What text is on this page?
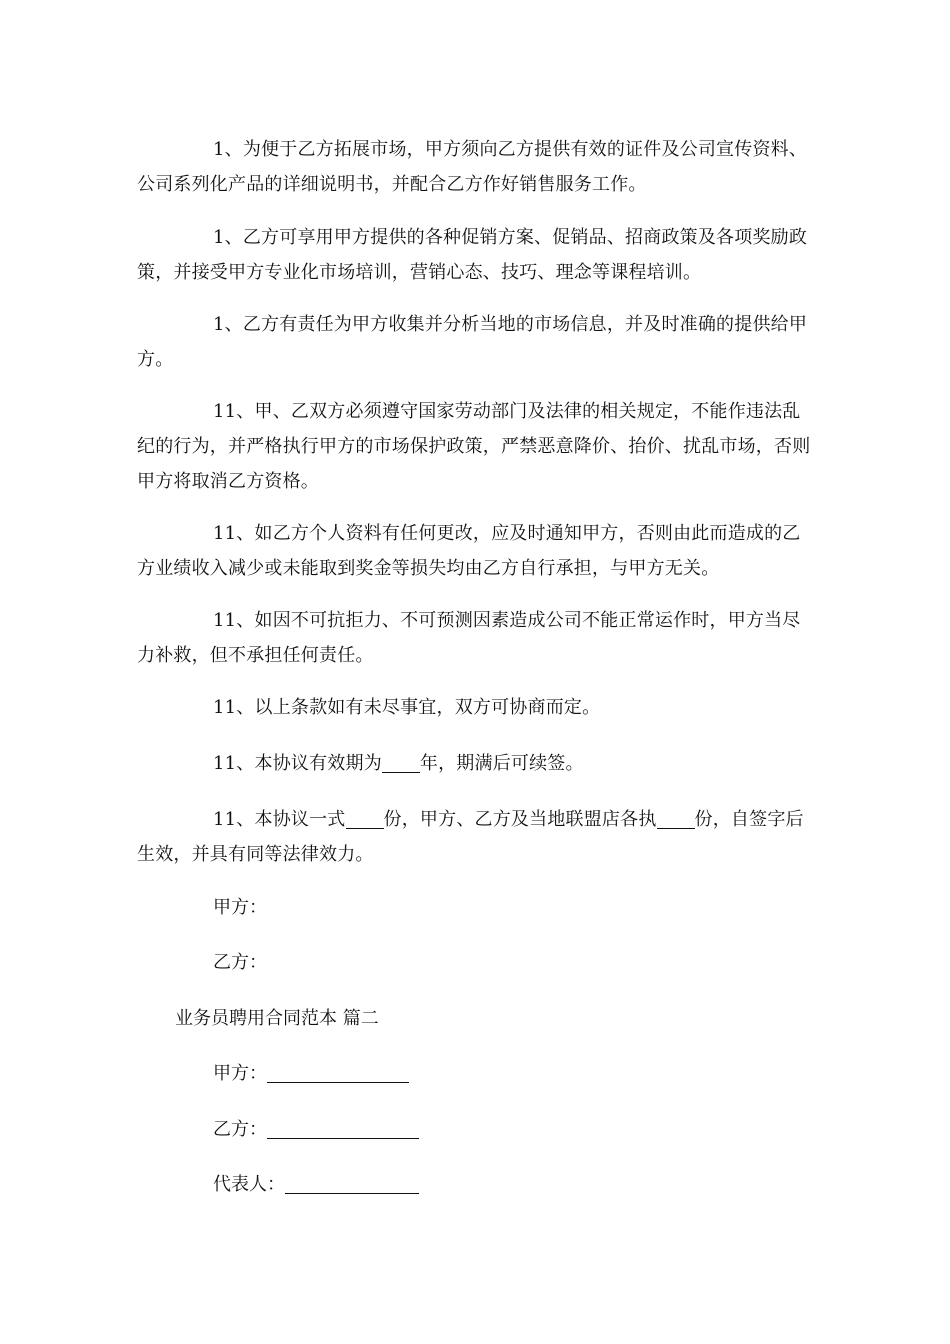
1、为便于乙方拓展市场，甲方须向乙方提供有效的证件及公司宣传资料、公司系列化产品的详细说明书，并配合乙方作好销售服务工作。

1、乙方可享用甲方提供的各种促销方案、促销品、招商政策及各项奖励政策，并接受甲方专业化市场培训，营销心态、技巧、理念等课程培训。

1、乙方有责任为甲方收集并分析当地的市场信息，并及时准确的提供给甲方。

11、甲、乙双方必须遵守国家劳动部门及法律的相关规定，不能作违法乱纪的行为，并严格执行甲方的市场保护政策，严禁恶意降价、抬价、扰乱市场，否则甲方将取消乙方资格。

11、如乙方个人资料有任何更改，应及时通知甲方，否则由此而造成的乙方业绩收入减少或未能取到奖金等损失均由乙方自行承担，与甲方无关。

11、如因不可抗拒力、不可预测因素造成公司不能正常运作时，甲方当尽力补救，但不承担任何责任。

11、以上条款如有未尽事宜，双方可协商而定。

11、本协议有效期为 年，期满后可续签。

11、本协议一式 份，甲方、乙方及当地联盟店各执 份，自签字后生效，并具有同等法律效力。

甲方：

乙方：

业务员聘用合同范本 篇二

甲方：

乙方：

代表人：
